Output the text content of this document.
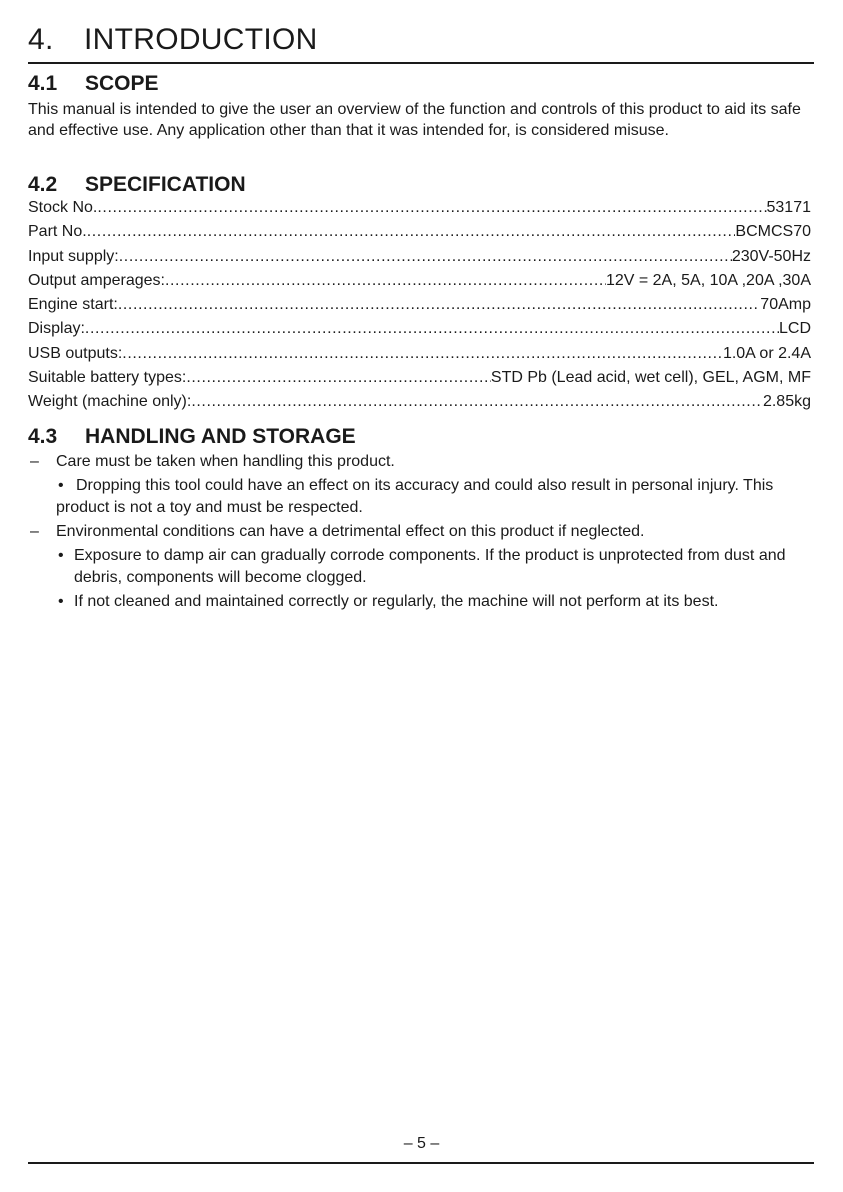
4. INTRODUCTION
4.1 SCOPE
This manual is intended to give the user an overview of the function and controls of this product to aid its safe and effective use. Any application other than that it was intended for, is considered misuse.
4.2 SPECIFICATION
Stock No. .....	53171
Part No. .....	BCMCS70
Input supply: .....	230V-50Hz
Output amperages: .....	12V = 2A, 5A, 10A ,20A ,30A
Engine start: .....	70Amp
Display: .....	LCD
USB outputs: .....	1.0A or 2.4A
Suitable battery types: .....	STD Pb (Lead acid, wet cell), GEL, AGM, MF
Weight (machine only): .....	2.85kg
4.3 HANDLING AND STORAGE
– Care must be taken when handling this product.
• Dropping this tool could have an effect on its accuracy and could also result in personal injury. This product is not a toy and must be respected.
– Environmental conditions can have a detrimental effect on this product if neglected.
• Exposure to damp air can gradually corrode components. If the product is unprotected from dust and debris, components will become clogged.
• If not cleaned and maintained correctly or regularly, the machine will not perform at its best.
– 5 –
